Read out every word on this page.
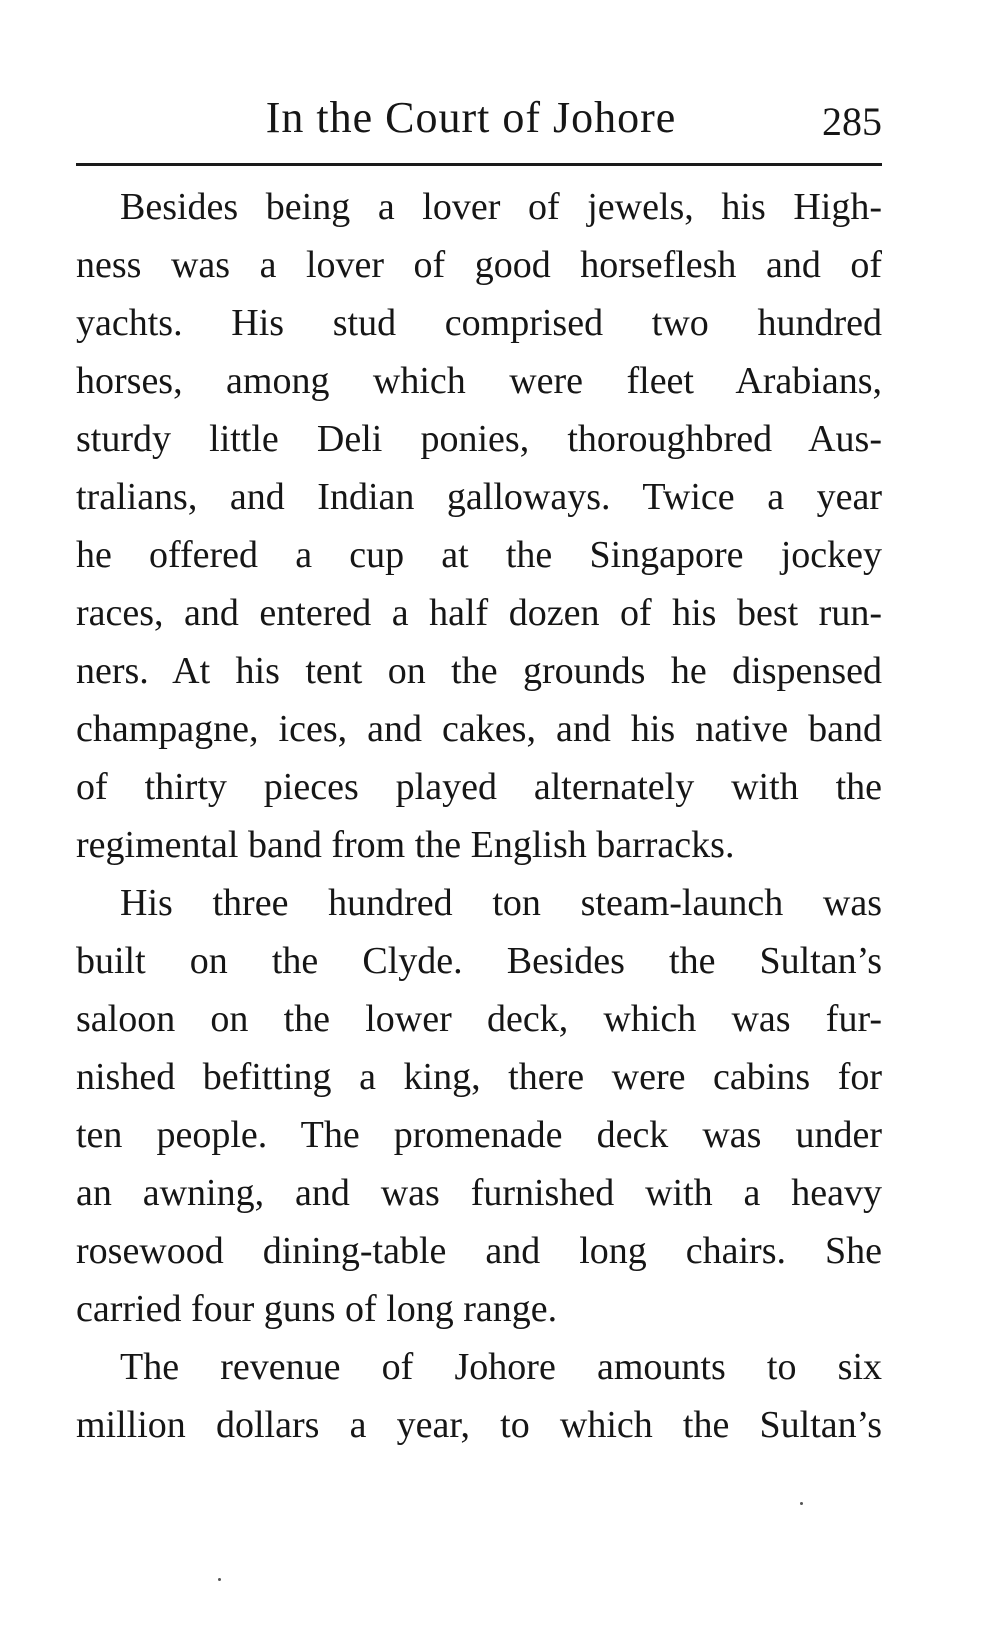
In the Court of Johore	285
Besides being a lover of jewels, his High-
ness was a lover of good horseflesh and of
yachts. His stud comprised two hundred
horses, among which were fleet Arabians,
sturdy little Deli ponies, thoroughbred Aus-
tralians, and Indian galloways. Twice a year
he offered a cup at the Singapore jockey
races, and entered a half dozen of his best run-
ners. At his tent on the grounds he dispensed
champagne, ices, and cakes, and his native band
of thirty pieces played alternately with the
regimental band from the English barracks.
His three hundred ton steam-launch was
built on the Clyde. Besides the Sultan’s
saloon on the lower deck, which was fur-
nished befitting a king, there were cabins for
ten people. The promenade deck was under
an awning, and was furnished with a heavy
rosewood dining-table and long chairs. She
carried four guns of long range.
The revenue of Johore amounts to six
million dollars a year, to which the Sultan’s
